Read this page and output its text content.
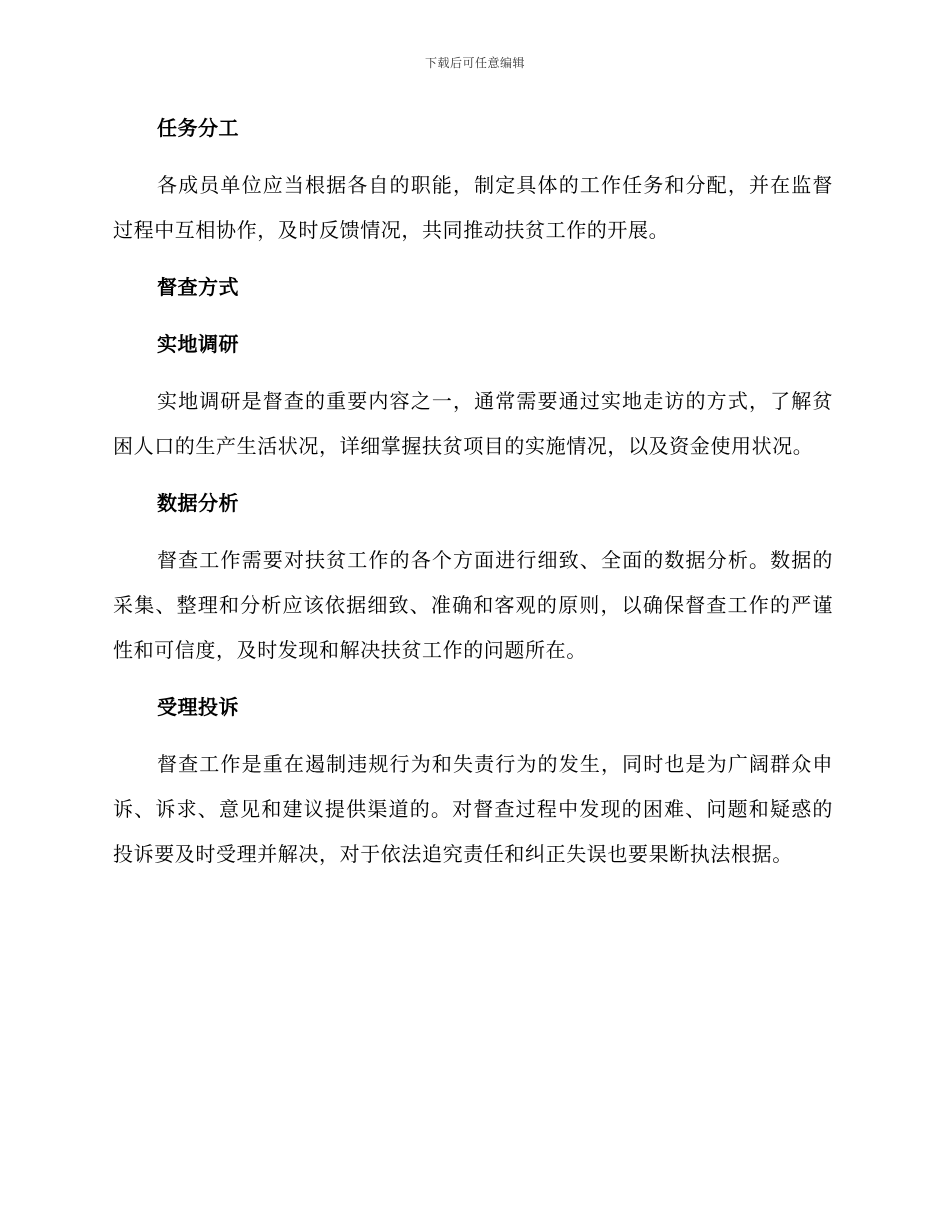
下载后可任意编辑
任务分工

各成员单位应当根据各自的职能，制定具体的工作任务和分配，并在监督过程中互相协作，及时反馈情况，共同推动扶贫工作的开展。

督查方式
实地调研

实地调研是督查的重要内容之一，通常需要通过实地走访的方式，了解贫困人口的生产生活状况，详细掌握扶贫项目的实施情况，以及资金使用状况。

数据分析

督查工作需要对扶贫工作的各个方面进行细致、全面的数据分析。数据的采集、整理和分析应该依据细致、准确和客观的原则，以确保督查工作的严谨性和可信度，及时发现和解决扶贫工作的问题所在。

受理投诉

督查工作是重在遏制违规行为和失责行为的发生，同时也是为广阔群众申诉、诉求、意见和建议提供渠道的。对督查过程中发现的困难、问题和疑惑的投诉要及时受理并解决，对于依法追究责任和纠正失误也要果断执法根据。
